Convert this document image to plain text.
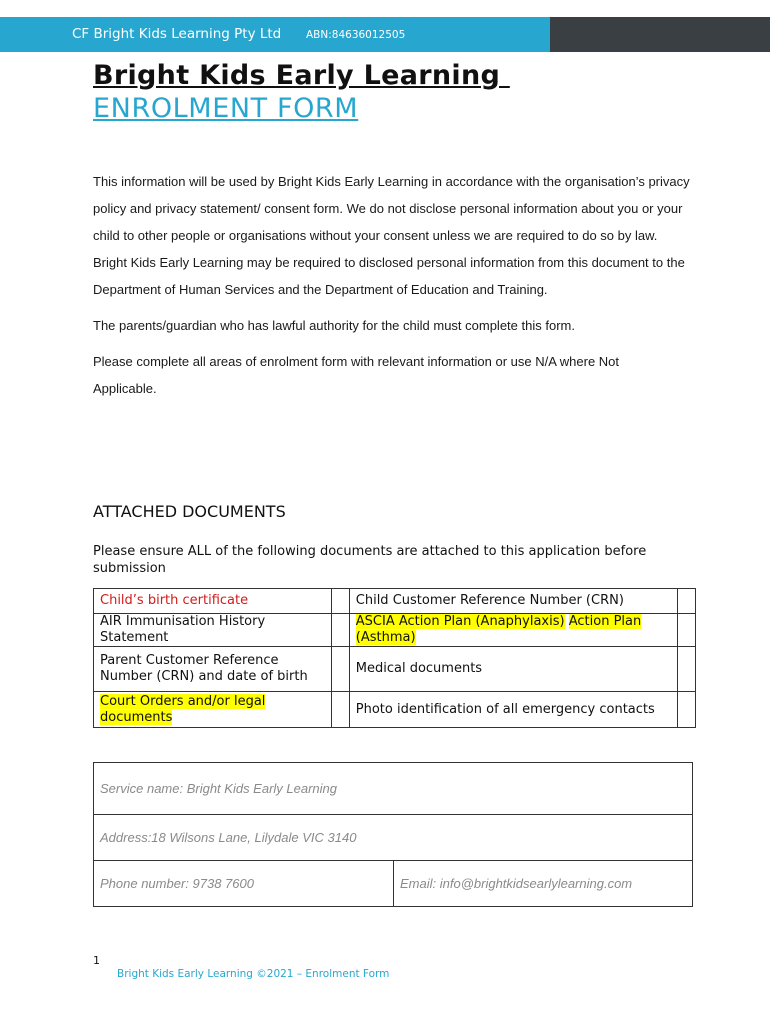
CF Bright Kids Learning Pty Ltd ABN:84636012505
Bright Kids Early Learning
ENROLMENT FORM

This information will be used by Bright Kids Early Learning in accordance with the organisation’s privacy policy and privacy statement/ consent form. We do not disclose personal information about you or your child to other people or organisations without your consent unless we are required to do so by law. Bright Kids Early Learning may be required to disclosed personal information from this document to the Department of Human Services and the Department of Education and Training.

The parents/guardian who has lawful authority for the child must complete this form.

Please complete all areas of enrolment form with relevant information or use N/A where Not Applicable.

ATTACHED DOCUMENTS
Please ensure ALL of the following documents are attached to this application before submission
Child’s birth certificate		Child Customer Reference Number (CRN)	
AIR Immunisation History Statement		ASCIA Action Plan (Anaphylaxis) Action Plan (Asthma)	
Parent Customer Reference Number (CRN) and date of birth		Medical documents	
Court Orders and/or legal documents		Photo identification of all emergency contacts	
Service name: Bright Kids Early Learning
Address:18 Wilsons Lane, Lilydale VIC 3140
Phone number: 9738 7600	Email: info@brightkidsearlylearning.com
1
Bright Kids Early Learning ©2021 – Enrolment Form
